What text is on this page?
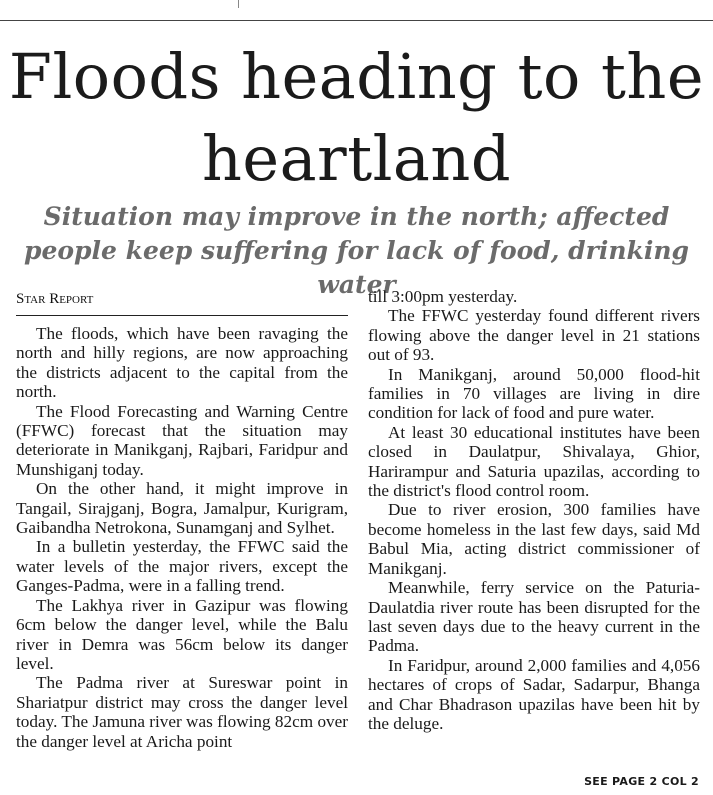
Floods heading to the heartland
Situation may improve in the north; affected people keep suffering for lack of food, drinking water
Star Report

The floods, which have been ravaging the north and hilly regions, are now approaching the districts adjacent to the capital from the north.

The Flood Forecasting and Warning Centre (FFWC) forecast that the situation may deteriorate in Manikganj, Rajbari, Faridpur and Munshiganj today.

On the other hand, it might improve in Tangail, Sirajganj, Bogra, Jamalpur, Kurigram, Gaibandha Netrokona, Sunamganj and Sylhet.

In a bulletin yesterday, the FFWC said the water levels of the major rivers, except the Ganges-Padma, were in a falling trend.

The Lakhya river in Gazipur was flowing 6cm below the danger level, while the Balu river in Demra was 56cm below its danger level.

The Padma river at Sureswar point in Shariatpur district may cross the danger level today. The Jamuna river was flowing 82cm over the danger level at Aricha point

till 3:00pm yesterday.

The FFWC yesterday found different rivers flowing above the danger level in 21 stations out of 93.

In Manikganj, around 50,000 flood-hit families in 70 villages are living in dire condition for lack of food and pure water.

At least 30 educational institutes have been closed in Daulatpur, Shivalaya, Ghior, Harirampur and Saturia upazilas, according to the district's flood control room.

Due to river erosion, 300 families have become homeless in the last few days, said Md Babul Mia, acting district commissioner of Manikganj.

Meanwhile, ferry service on the Paturia-Daulatdia river route has been disrupted for the last seven days due to the heavy current in the Padma.

In Faridpur, around 2,000 families and 4,056 hectares of crops of Sadar, Sadarpur, Bhanga and Char Bhadrason upazilas have been hit by the deluge.

SEE PAGE 2 COL 2
